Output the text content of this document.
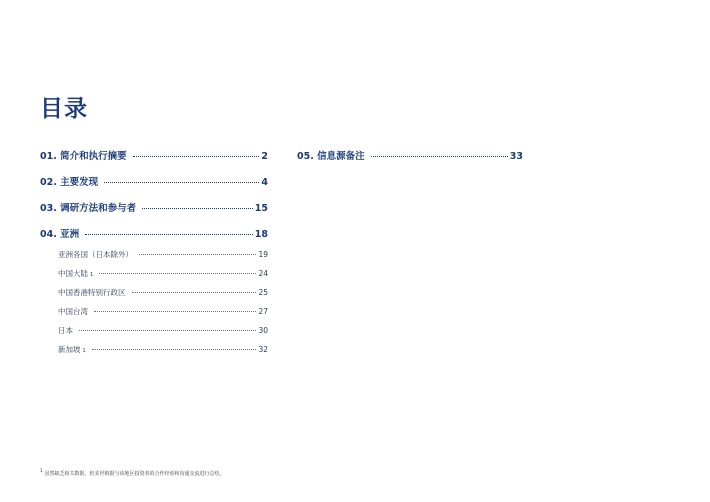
目录
01. 简介和执行摘要	2
02. 主要发现	4
03. 调研方法和参与者	15
04. 亚洲	18
亚洲各国（日本除外）	19
中国大陆 $_1$	24
中国香港特别行政区	25
中国台湾	27
日本	30
新加坡 $_1$	32
05. 信息源备注	33
$^1$虽然缺乏相关数据，但美世根据与该地区投资者的合作经验和沟通交流进行总结。
